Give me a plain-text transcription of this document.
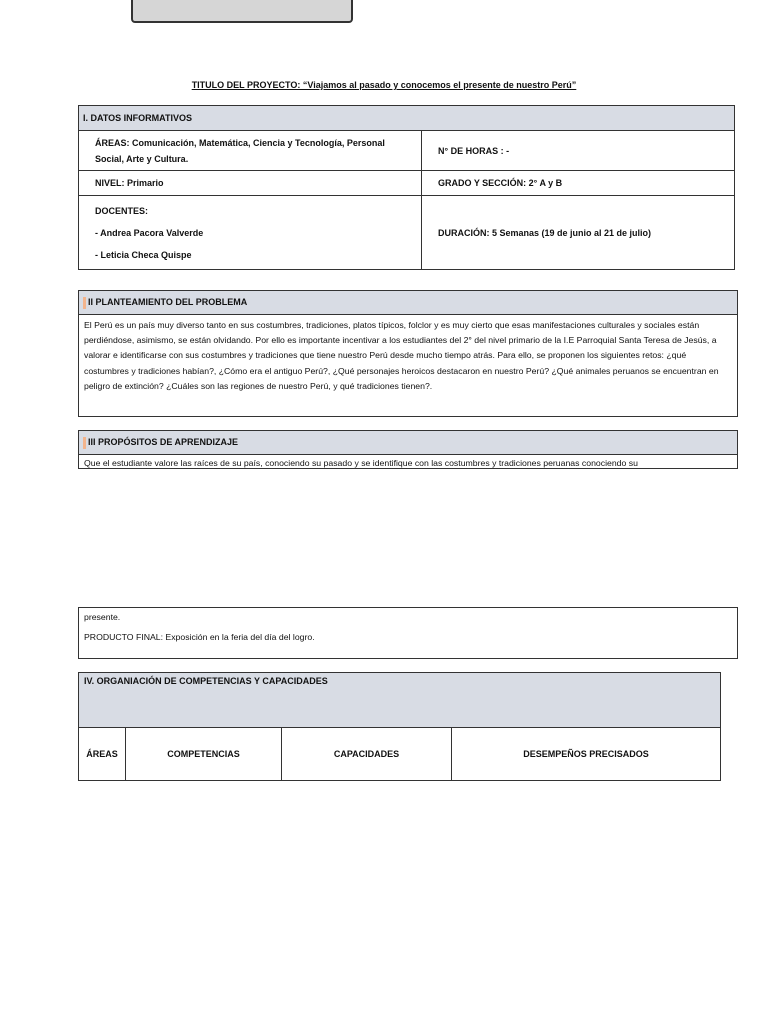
TITULO DEL PROYECTO: “Viajamos al pasado y conocemos el presente de nuestro Perú”
I. DATOS INFORMATIVOS	
ÁREAS: Comunicación, Matemática, Ciencia y Tecnología, Personal Social, Arte y Cultura.	N° DE HORAS : -
NIVEL: Primario	GRADO Y SECCIÓN: 2° A y B

DOCENTES:
- Andrea Pacora Valverde
- Leticia Checa Quispe	DURACIÓN: 5 Semanas (19 de junio al 21 de julio)
II PLANTEAMIENTO DEL PROBLEMA
El Perú es un país muy diverso tanto en sus costumbres, tradiciones, platos típicos, folclor y es muy cierto que esas manifestaciones culturales y sociales están perdiéndose, asimismo, se están olvidando. Por ello es importante incentivar a los estudiantes del 2° del nivel primario de la I.E Parroquial Santa Teresa de Jesús, a valorar e identificarse con sus costumbres y tradiciones que tiene nuestro Perú desde mucho tiempo atrás. Para ello, se proponen los siguientes retos: ¿qué costumbres y tradiciones habían?, ¿Cómo era el antiguo Perú?, ¿Qué personajes heroicos destacaron en nuestro Perú? ¿Qué animales peruanos se encuentran en peligro de extinción? ¿Cuáles son las regiones de nuestro Perú, y qué tradiciones tienen?.
III PROPÓSITOS DE APRENDIZAJE
Que el estudiante valore las raíces de su país, conociendo su pasado y se identifique con las costumbres y tradiciones peruanas conociendo su
presente.
PRODUCTO FINAL: Exposición en la feria del día del logro.
IV. ORGANIACIÓN DE COMPETENCIAS Y CAPACIDADES
ÁREAS	COMPETENCIAS	CAPACIDADES	DESEMPEÑOS PRECISADOS
